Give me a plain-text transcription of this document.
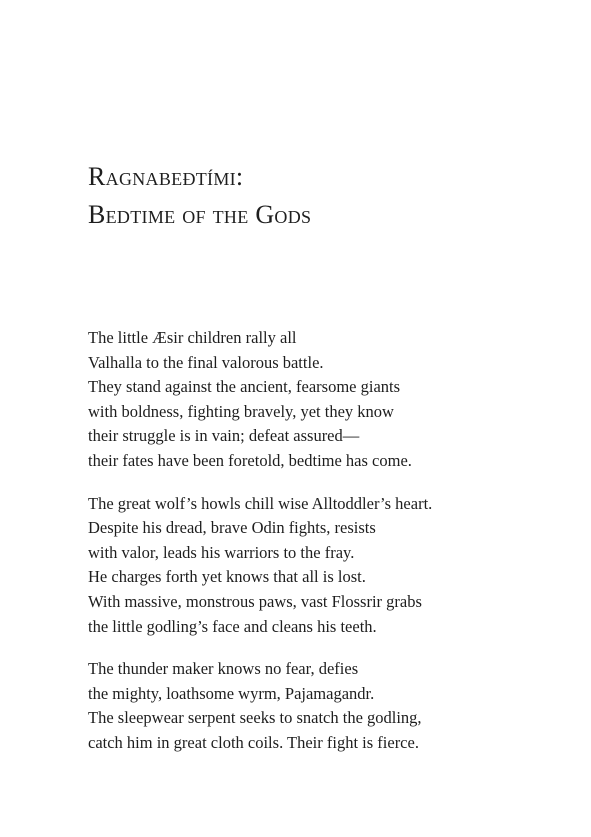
Ragnabeðtími:
Bedtime of the Gods
The little Æsir children rally all
Valhalla to the final valorous battle.
They stand against the ancient, fearsome giants
with boldness, fighting bravely, yet they know
their struggle is in vain; defeat assured—
their fates have been foretold, bedtime has come.
The great wolf’s howls chill wise Alltoddler’s heart.
Despite his dread, brave Odin fights, resists
with valor, leads his warriors to the fray.
He charges forth yet knows that all is lost.
With massive, monstrous paws, vast Flossrir grabs
the little godling’s face and cleans his teeth.
The thunder maker knows no fear, defies
the mighty, loathsome wyrm, Pajamagandr.
The sleepwear serpent seeks to snatch the godling,
catch him in great cloth coils. Their fight is fierce.
